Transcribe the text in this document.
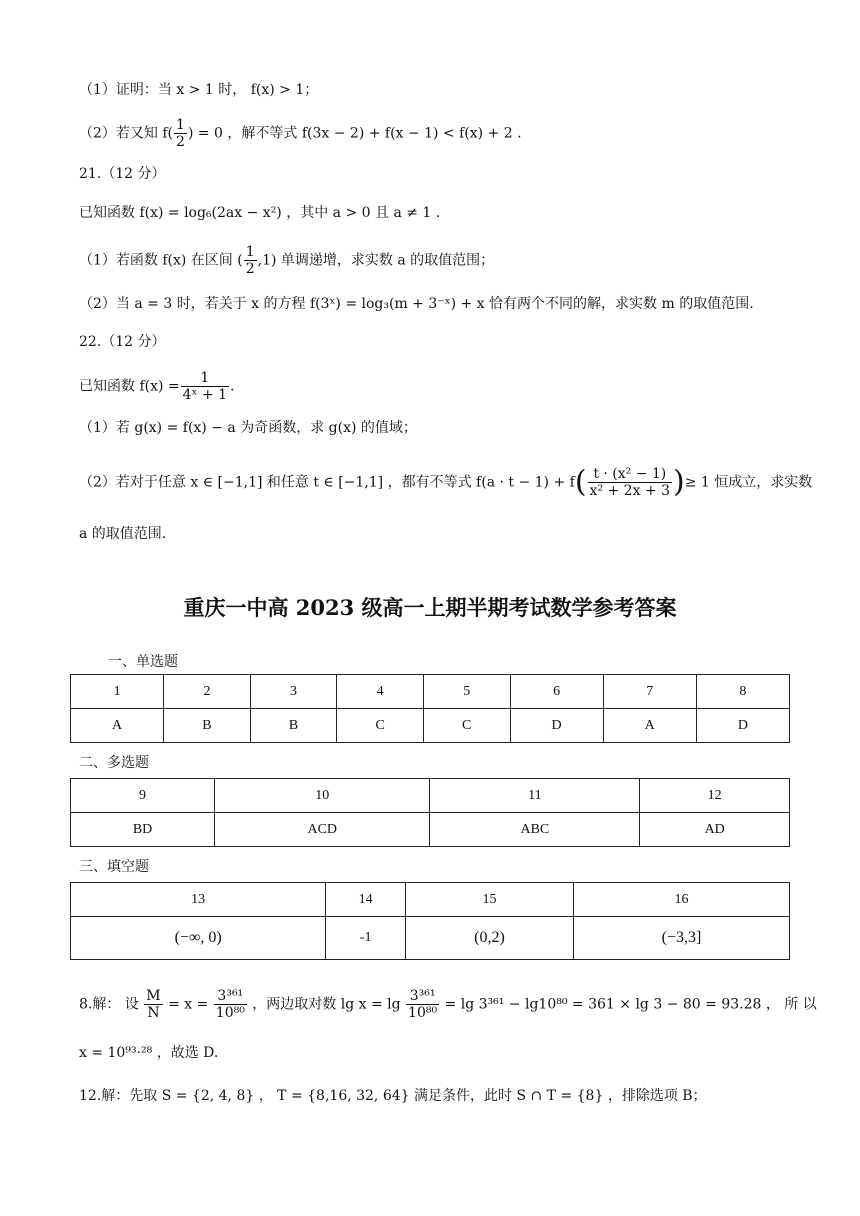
（1）证明：当 x > 1 时， f(x) > 1；
（2）若又知 $f( \frac{1}{2}$ ) = 0 ，解不等式 f(3x − 2) + f(x − 1) < f(x) + 2 .
21.（12 分）
已知函数 f(x) = log₆(2ax − x²) ，其中 a > 0 且 a ≠ 1 .
（1）若函数 f(x) 在区间 ( $\frac{1}{2} ,1$) 单调递增，求实数 a 的取值范围；
（2）当 a = 3 时，若关于 x 的方程 f(3ˣ) = log₃(m + 3⁻ˣ) + x 恰有两个不同的解，求实数 m 的取值范围.
22.（12 分）
已知函数 $f(x) = \frac{1}{\text{4ˣ + 1}}$ .
（1）若 g(x) = f(x) − a 为奇函数，求 g(x) 的值域；
（2）若对于任意 x ∈ [−1,1] 和任意 t ∈ [−1,1] ，都有不等式 $f(a \cdot t - 1) + f( \frac{\text{t · (x² − 1)}}{\text{x² + 2x + 3}}$ )≥ 1 恒成立，求实数
a 的取值范围.
重庆一中高 2023 级高一上期半期考试数学参考答案
一、单选题
1	2	3	4	5	6	7	8
A	B	B	C	C	D	A	D
二、多选题
9	10	11	12
BD	ACD	ABC	AD
三、填空题
13	14	15	16
(−∞, 0)	-1	(0,2)	(−3,3]
8.解： 设 $\frac{M}{N} = x = \frac{\text{3³⁶¹}}{\text{10⁸⁰}}$ ，两边取对数 $\lg x = \lg \frac{\text{3³⁶¹}}{\text{10⁸⁰}} = \lg 3^{361} - \lg 10^{80} = 361 \times \lg 3 - 80 = 93.28$ ， 所 以
x = 10⁹³·²⁸ ，故选 D.
12.解：先取 S = {2, 4, 8} ， T = {8,16, 32, 64} 满足条件，此时 S ∩ T = {8} ，排除选项 B；
